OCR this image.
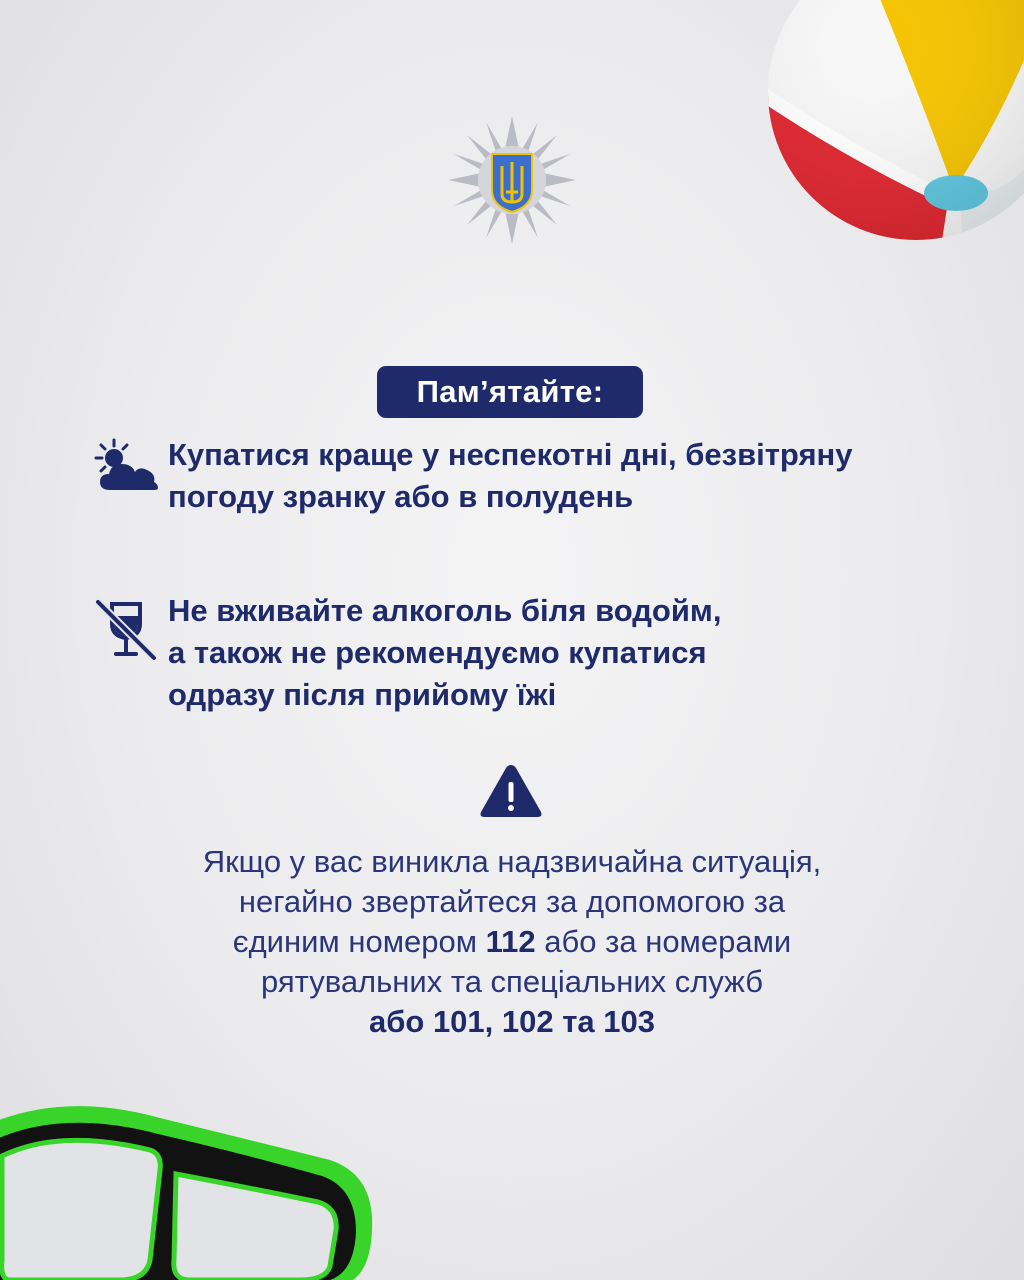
Пам’ятайте:
Купатися краще у неспекотні дні, безвітряну
погоду зранку або в полудень
Не вживайте алкоголь біля водойм,
а також не рекомендуємо купатися
одразу після прийому їжі
Якщо у вас виникла надзвичайна ситуація,
негайно звертайтеся за допомогою за
єдиним номером 112 або за номерами
рятувальних та спеціальних служб
або 101, 102 та 103
